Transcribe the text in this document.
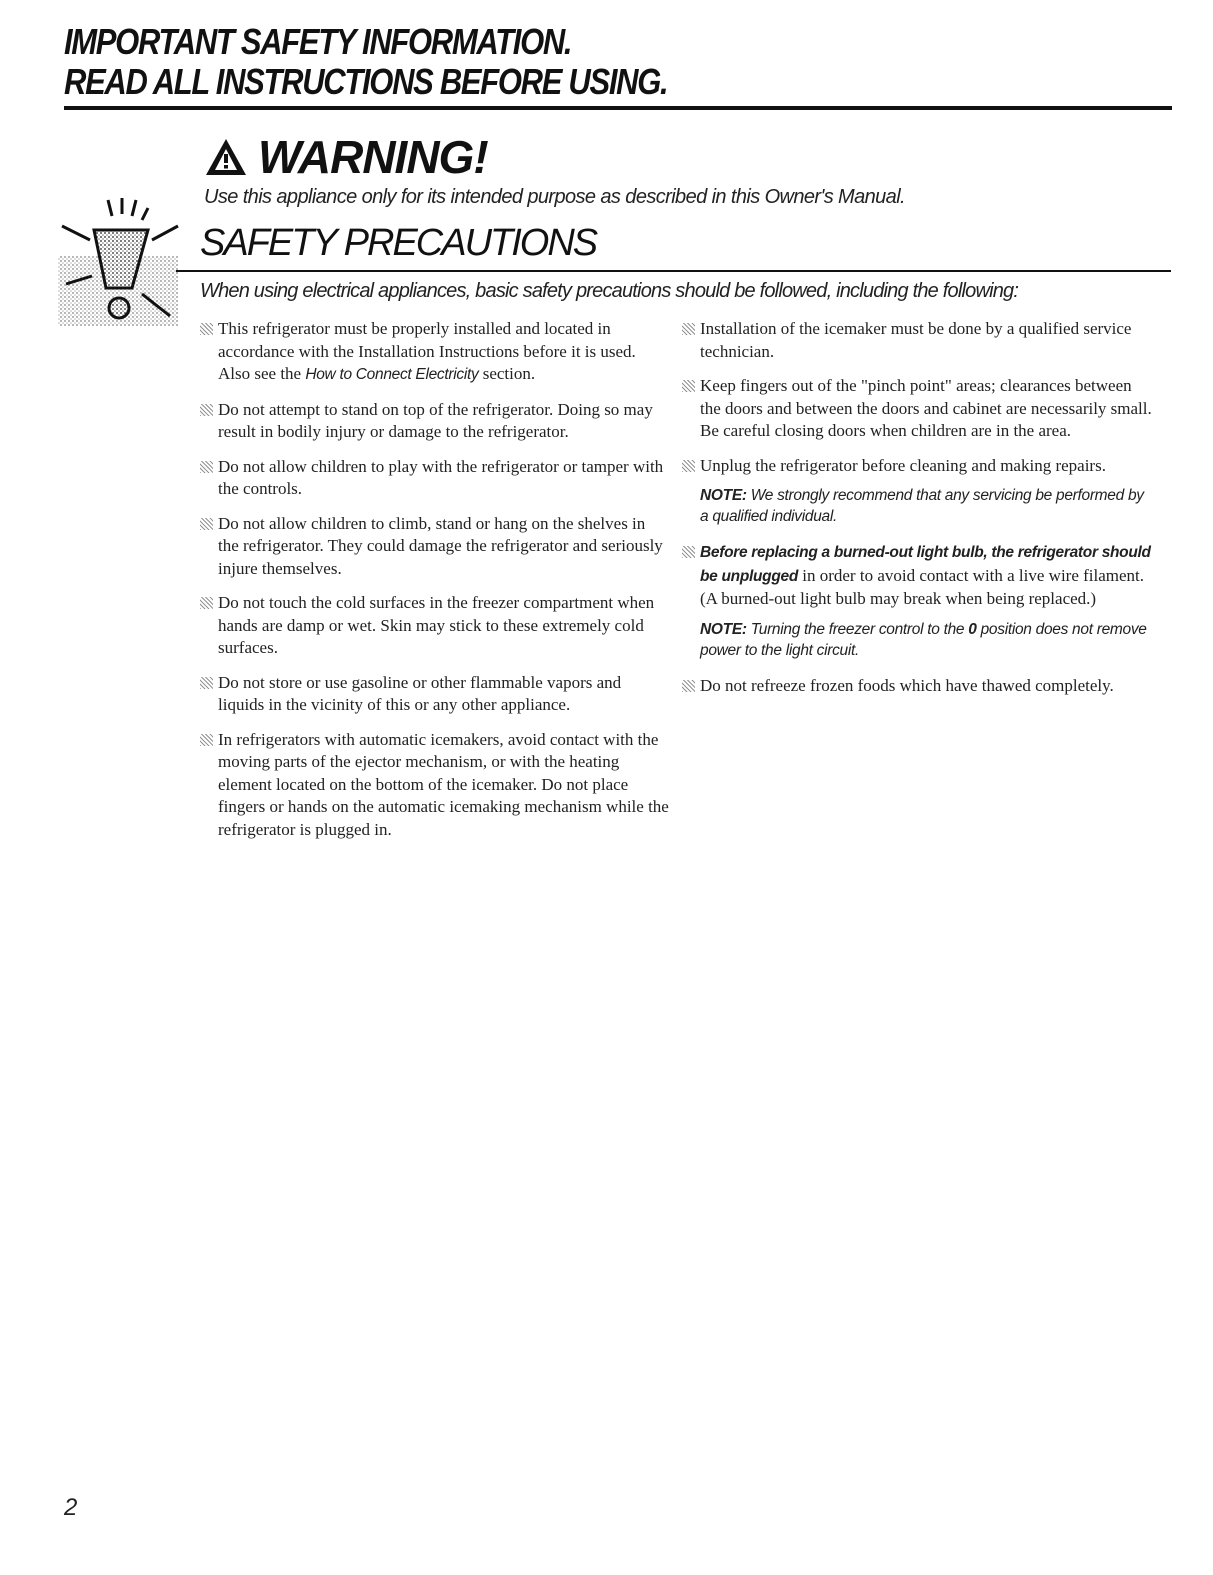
IMPORTANT SAFETY INFORMATION.
READ ALL INSTRUCTIONS BEFORE USING.
WARNING!
Use this appliance only for its intended purpose as described in this Owner's Manual.
SAFETY PRECAUTIONS
When using electrical appliances, basic safety precautions should be followed, including the following:
This refrigerator must be properly installed and located in accordance with the Installation Instructions before it is used. Also see the How to Connect Electricity section.
Do not attempt to stand on top of the refrigerator. Doing so may result in bodily injury or damage to the refrigerator.
Do not allow children to play with the refrigerator or tamper with the controls.
Do not allow children to climb, stand or hang on the shelves in the refrigerator. They could damage the refrigerator and seriously injure themselves.
Do not touch the cold surfaces in the freezer compartment when hands are damp or wet. Skin may stick to these extremely cold surfaces.
Do not store or use gasoline or other flammable vapors and liquids in the vicinity of this or any other appliance.
In refrigerators with automatic icemakers, avoid contact with the moving parts of the ejector mechanism, or with the heating element located on the bottom of the icemaker. Do not place fingers or hands on the automatic icemaking mechanism while the refrigerator is plugged in.
Installation of the icemaker must be done by a qualified service technician.
Keep fingers out of the "pinch point" areas; clearances between the doors and between the doors and cabinet are necessarily small. Be careful closing doors when children are in the area.
Unplug the refrigerator before cleaning and making repairs.
NOTE: We strongly recommend that any servicing be performed by a qualified individual.
Before replacing a burned-out light bulb, the refrigerator should be unplugged in order to avoid contact with a live wire filament. (A burned-out light bulb may break when being replaced.)
NOTE: Turning the freezer control to the 0 position does not remove power to the light circuit.
Do not refreeze frozen foods which have thawed completely.
2
